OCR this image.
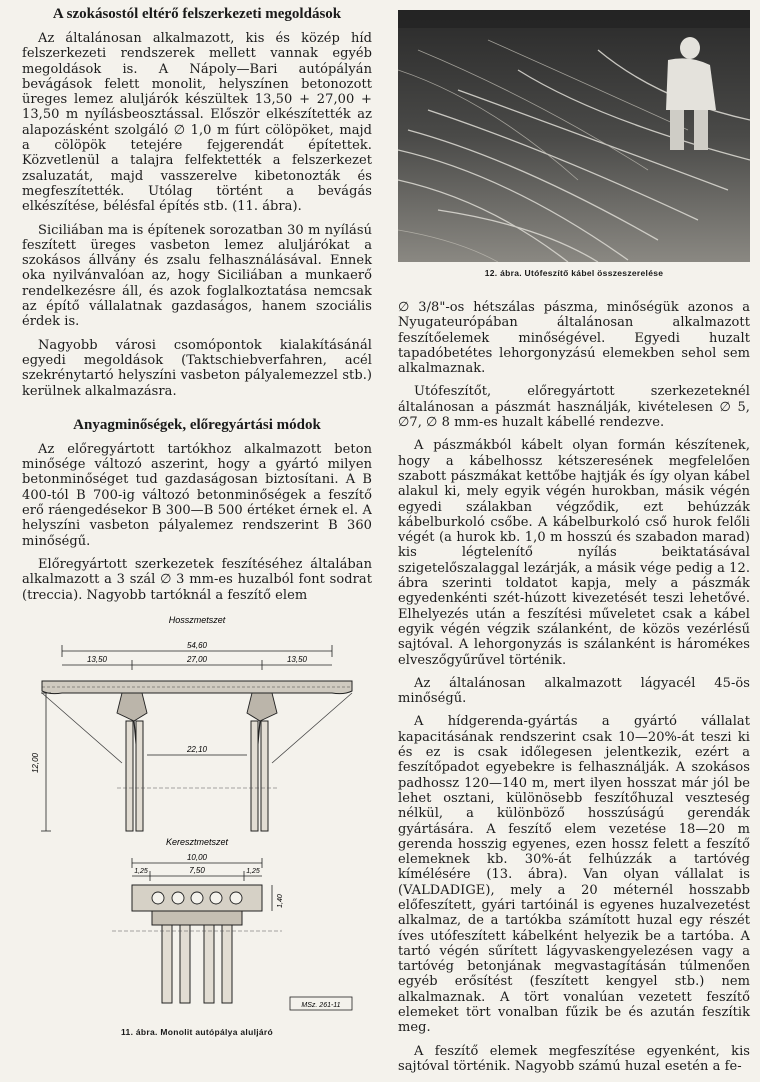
A szokásostól eltérő felszerkezeti megoldások

Az általánosan alkalmazott, kis és közép híd felszerkezeti rendszerek mellett vannak egyéb megoldások is. A Nápoly—Bari autópályán bevágások felett monolit, helyszínen betonozott üreges lemez aluljárók készültek 13,50 + 27,00 + 13,50 m nyílásbeosztással. Először elkészítették az alapozásként szolgáló ∅ 1,0 m fúrt cölöpöket, majd a cölöpök tetejére fejgerendát építettek. Közvetlenül a talajra felfektették a felszerkezet zsaluzatát, majd vasszerelve kibetonozták és megfeszítették. Utólag történt a bevágás elkészítése, bélésfal építés stb. (11. ábra).

Siciliában ma is építenek sorozatban 30 m nyílású feszített üreges vasbeton lemez aluljárókat a szokásos állvány és zsalu felhasználásával. Ennek oka nyilvánvalóan az, hogy Siciliában a munkaerő rendelkezésre áll, és azok foglalkoztatása nemcsak az építő vállalatnak gazdaságos, hanem szociális érdek is.

Nagyobb városi csomópontok kialakításánál egyedi megoldások (Taktschiebverfahren, acél szekrénytartó helyszíni vasbeton pályalemezzel stb.) kerülnek alkalmazásra.

Anyagminőségek, előregyártási módok

Az előregyártott tartókhoz alkalmazott beton minősége változó aszerint, hogy a gyártó milyen betonminőséget tud gazdaságosan biztosítani. A B 400-tól B 700-ig változó betonminőségek a feszítő erő ráengedésekor B 300—B 500 értéket érnek el. A helyszíni vasbeton pályalemez rendszerint B 360 minőségű.

Előregyártott szerkezetek feszítéséhez általában alkalmazott a 3 szál ∅ 3 mm-es huzalból font sodrat (treccia). Nagyobb tartóknál a feszítő elem

Hosszmetszet
54,60
13,50	27,00	13,50
22,10
12,00
Keresztmetszet
10,00
1,25	7,50	1,25
1,40
MSz. 261-11
11. ábra. Monolit autópálya aluljáró
12. ábra. Utófeszítő kábel összeszerelése

∅ 3/8"-os hétszálas pászma, minőségük azonos a Nyugateurópában általánosan alkalmazott feszítőelemek minőségével. Egyedi huzalt tapadóbetétes lehorgonyzású elemekben sehol sem alkalmaznak.

Utófeszítőt, előregyártott szerkezeteknél általánosan a pászmát használják, kivételesen ∅ 5, ∅7, ∅ 8 mm-es huzalt kábellé rendezve.

A pászmákból kábelt olyan formán készítenek, hogy a kábelhossz kétszeresének megfelelően szabott pászmákat kettőbe hajtják és így olyan kábel alakul ki, mely egyik végén hurokban, másik végén egyedi szálakban végződik, ezt behúzzák kábelburkoló csőbe. A kábelburkoló cső hurok felőli végét (a hurok kb. 1,0 m hosszú és szabadon marad) kis légtelenítő nyílás beiktatásával szigetelőszalaggal lezárják, a másik vége pedig a 12. ábra szerinti toldatot kapja, mely a pászmák egyedenkénti szét-húzott kivezetését teszi lehetővé. Elhelyezés után a feszítési műveletet csak a kábel egyik végén végzik szálanként, de közös vezérlésű sajtóval. A lehorgonyzás is szálanként is háromékes elveszőgyűrűvel történik.

Az általánosan alkalmazott lágyacél 45-ös minőségű.

A hídgerenda-gyártás a gyártó vállalat kapacitásának rendszerint csak 10—20%-át teszi ki és ez is csak időlegesen jelentkezik, ezért a feszítőpadot egyebekre is felhasználják. A szokásos padhossz 120—140 m, mert ilyen hosszat már jól be lehet osztani, különösebb feszítőhuzal veszteség nélkül, a különböző hosszúságú gerendák gyártására. A feszítő elem vezetése 18—20 m gerenda hosszig egyenes, ezen hossz felett a feszítő elemeknek kb. 30%-át felhúzzák a tartóvég kímélésére (13. ábra). Van olyan vállalat is (VALDADIGE), mely a 20 méternél hosszabb előfeszített, gyári tartóinál is egyenes huzalvezetést alkalmaz, de a tartókba számított huzal egy részét íves utófeszített kábelként helyezik be a tartóba. A tartó végén sűrített lágyvaskengyelezésen vagy a tartóvég betonjának megvastagításán túlmenően egyéb erősítést (feszített kengyel stb.) nem alkalmaznak. A tört vonalúan vezetett feszítő elemeket tört vonalban fűzik be és azután feszítik meg.

A feszítő elemek megfeszítése egyenként, kis sajtóval történik. Nagyobb számú huzal esetén a fe-
